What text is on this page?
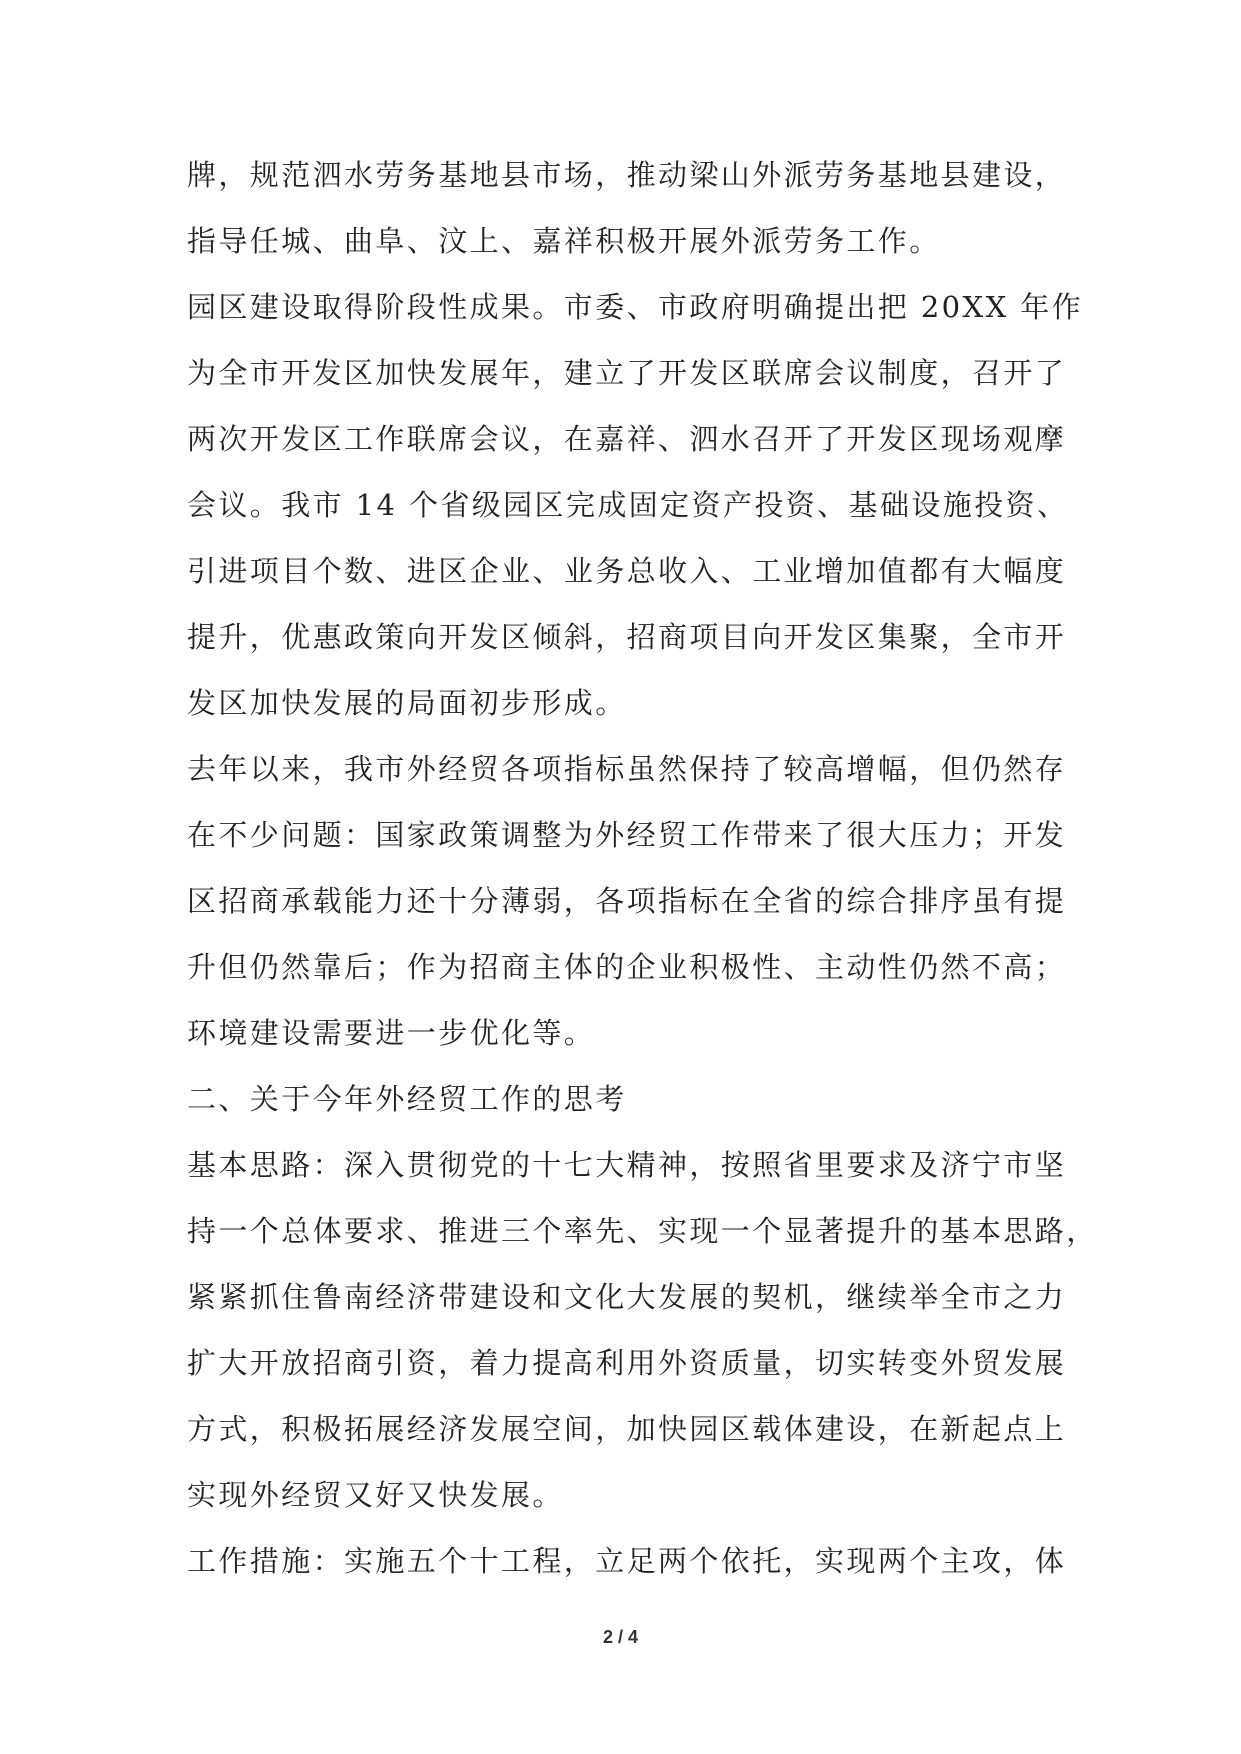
牌，规范泗水劳务基地县市场，推动梁山外派劳务基地县建设，
指导任城、曲阜、汶上、嘉祥积极开展外派劳务工作。
园区建设取得阶段性成果。市委、市政府明确提出把 20XX 年作
为全市开发区加快发展年，建立了开发区联席会议制度，召开了
两次开发区工作联席会议，在嘉祥、泗水召开了开发区现场观摩
会议。我市 14 个省级园区完成固定资产投资、基础设施投资、
引进项目个数、进区企业、业务总收入、工业增加值都有大幅度
提升，优惠政策向开发区倾斜，招商项目向开发区集聚，全市开
发区加快发展的局面初步形成。
去年以来，我市外经贸各项指标虽然保持了较高增幅，但仍然存
在不少问题：国家政策调整为外经贸工作带来了很大压力；开发
区招商承载能力还十分薄弱，各项指标在全省的综合排序虽有提
升但仍然靠后；作为招商主体的企业积极性、主动性仍然不高；
环境建设需要进一步优化等。
二、关于今年外经贸工作的思考
基本思路：深入贯彻党的十七大精神，按照省里要求及济宁市坚
持一个总体要求、推进三个率先、实现一个显著提升的基本思路，
紧紧抓住鲁南经济带建设和文化大发展的契机，继续举全市之力
扩大开放招商引资，着力提高利用外资质量，切实转变外贸发展
方式，积极拓展经济发展空间，加快园区载体建设，在新起点上
实现外经贸又好又快发展。
工作措施：实施五个十工程，立足两个依托，实现两个主攻，体
2 / 4
